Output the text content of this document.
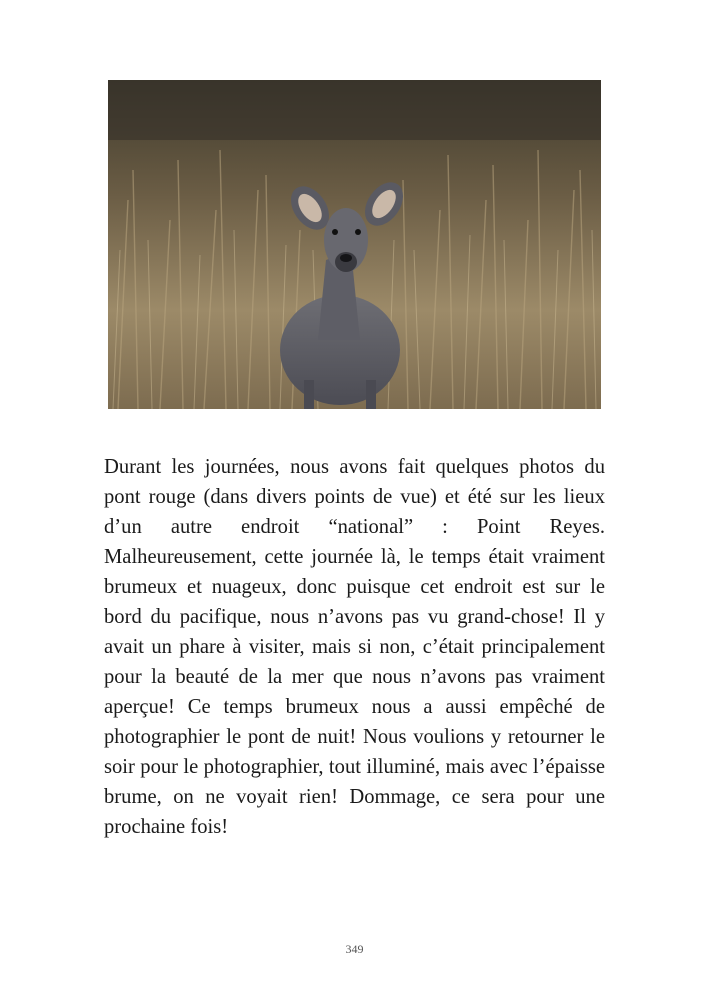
Durant les journées, nous avons fait quelques photos du pont rouge (dans divers points de vue) et été sur les lieux d’un autre endroit “national” : Point Reyes. Malheureusement, cette journée là, le temps était vraiment brumeux et nuageux, donc puisque cet endroit est sur le bord du pacifique, nous n’avons pas vu grand-chose! Il y avait un phare à visiter, mais si non, c’était principalement pour la beauté de la mer que nous n’avons pas vraiment aperçue! Ce temps brumeux nous a aussi empêché de photographier le pont de nuit! Nous voulions y retourner le soir pour le photographier, tout illuminé, mais avec l’épaisse brume, on ne voyait rien! Dommage, ce sera pour une prochaine fois!

349
